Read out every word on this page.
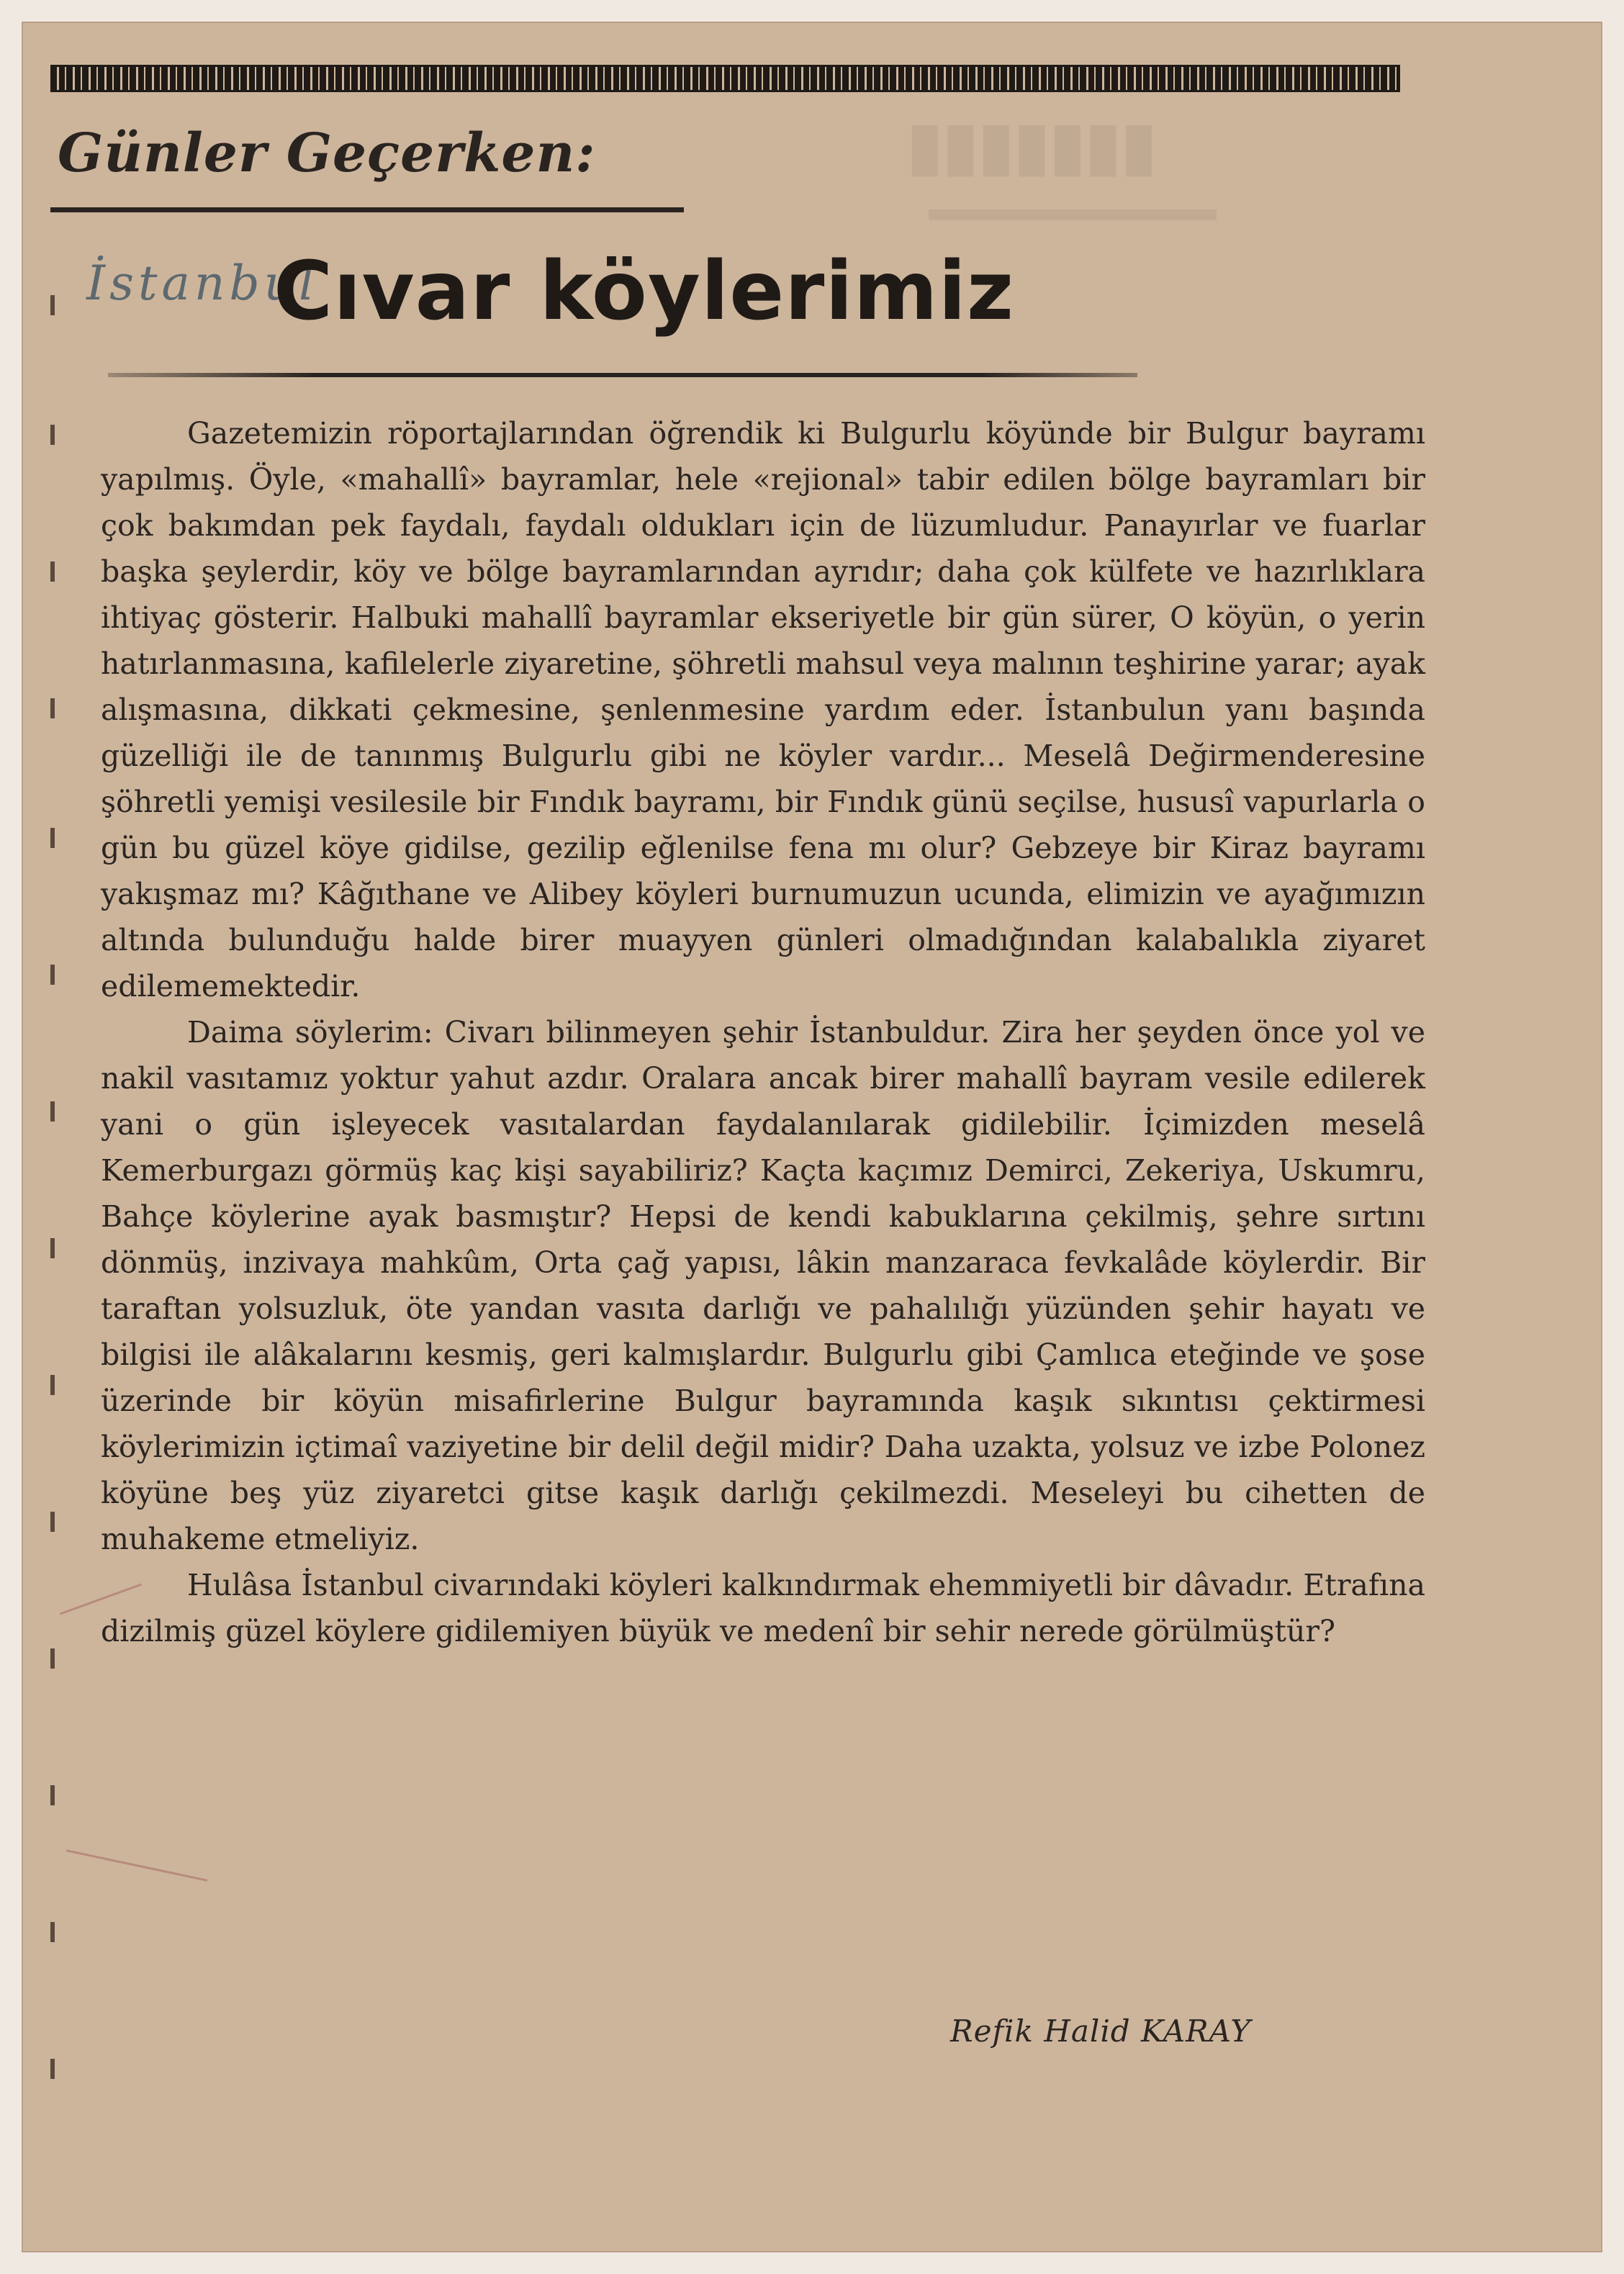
▮▮▮▮▮▮▮
▬▬▬▬▬▬▬▬
Günler Geçerken:
İstanbul
Cıvar köylerimiz

Gazetemizin röportajlarından öğrendik ki Bulgurlu köyünde bir Bulgur bayramı yapılmış. Öyle, «mahallî» bayramlar, hele «rejional» tabir edilen bölge bayramları bir çok bakımdan pek faydalı, faydalı oldukları için de lüzumludur. Panayırlar ve fuarlar başka şeylerdir, köy ve bölge bayramlarından ayrıdır; daha çok külfete ve hazırlıklara ihtiyaç gösterir. Halbuki mahallî bayramlar ekseriyetle bir gün sürer, O köyün, o yerin hatırlanmasına, kafilelerle ziyaretine, şöhretli mahsul veya malının teşhirine yarar; ayak alışmasına, dikkati çekmesine, şenlenmesine yardım eder. İstanbulun yanı başında güzelliği ile de tanınmış Bulgurlu gibi ne köyler vardır... Meselâ Değirmenderesine şöhretli yemişi vesilesile bir Fındık bayramı, bir Fındık günü seçilse, hususî vapurlarla o gün bu güzel köye gidilse, gezilip eğlenilse fena mı olur? Gebzeye bir Kiraz bayramı yakışmaz mı? Kâğıthane ve Alibey köyleri burnumuzun ucunda, elimizin ve ayağımızın altında bulunduğu halde birer muayyen günleri olmadığından kalabalıkla ziyaret edilememektedir.

Daima söylerim: Civarı bilinmeyen şehir İstanbuldur. Zira her şeyden önce yol ve nakil vasıtamız yoktur yahut azdır. Oralara ancak birer mahallî bayram vesile edilerek yani o gün işleyecek vasıtalardan faydalanılarak gidilebilir. İçimizden meselâ Kemerburgazı görmüş kaç kişi sayabiliriz? Kaçta kaçımız Demirci, Zekeriya, Uskumru, Bahçe köylerine ayak basmıştır? Hepsi de kendi kabuklarına çekilmiş, şehre sırtını dönmüş, inzivaya mahkûm, Orta çağ yapısı, lâkin manzaraca fevkalâde köylerdir. Bir taraftan yolsuzluk, öte yandan vasıta darlığı ve pahalılığı yüzünden şehir hayatı ve bilgisi ile alâkalarını kesmiş, geri kalmışlardır. Bulgurlu gibi Çamlıca eteğinde ve şose üzerinde bir köyün misafirlerine Bulgur bayramında kaşık sıkıntısı çektirmesi köylerimizin içtimaî vaziyetine bir delil değil midir? Daha uzakta, yolsuz ve izbe Polonez köyüne beş yüz ziyaretci gitse kaşık darlığı çekilmezdi. Meseleyi bu cihetten de muhakeme etmeliyiz.

Hulâsa İstanbul civarındaki köyleri kalkındırmak ehemmiyetli bir dâvadır. Etrafına dizilmiş güzel köylere gidilemiyen büyük ve medenî bir sehir nerede görülmüştür?

Refik Halid KARAY
